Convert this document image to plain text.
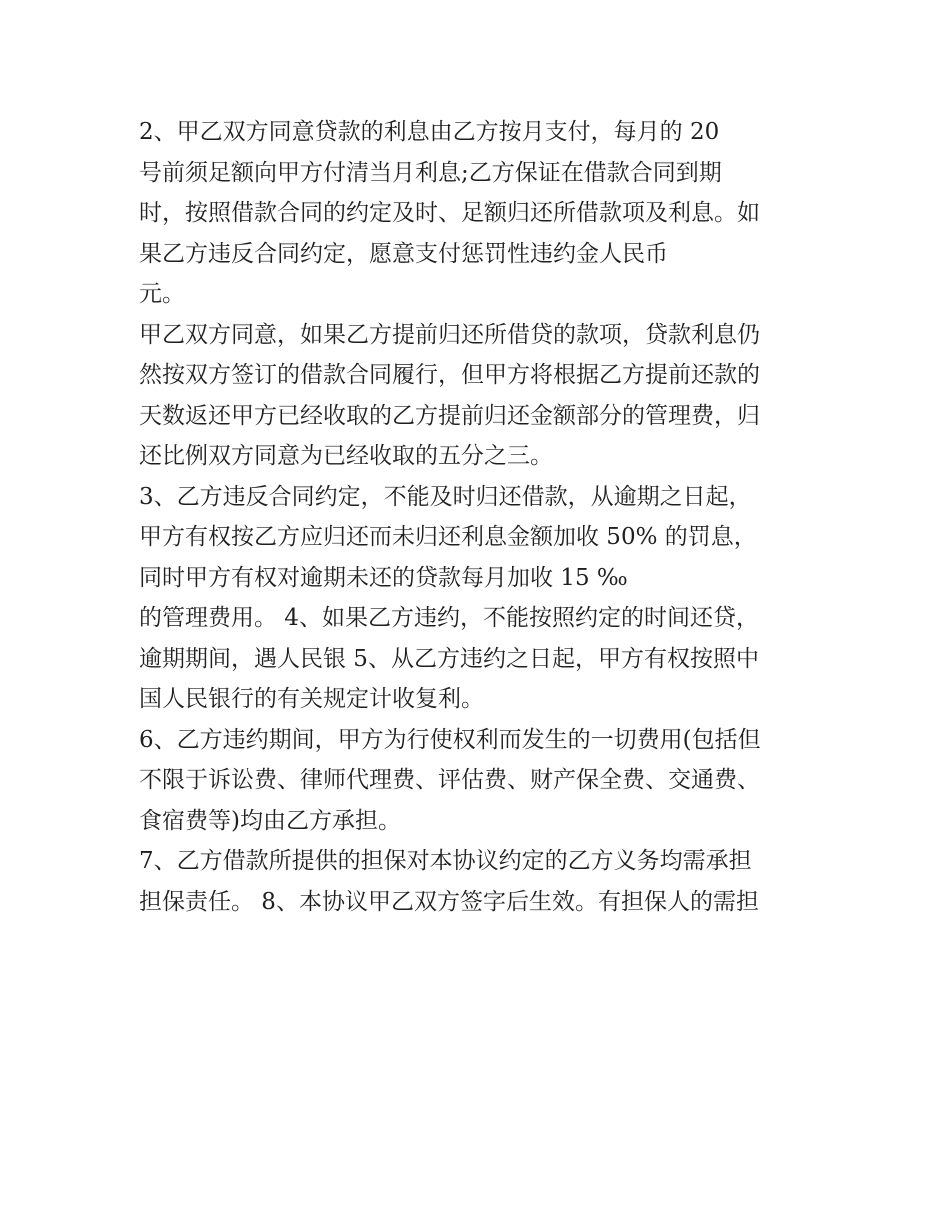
2、甲乙双方同意贷款的利息由乙方按月支付，每月的 20
号前须足额向甲方付清当月利息;乙方保证在借款合同到期
时，按照借款合同的约定及时、足额归还所借款项及利息。如
果乙方违反合同约定，愿意支付惩罚性违约金人民币
元。
甲乙双方同意，如果乙方提前归还所借贷的款项，贷款利息仍
然按双方签订的借款合同履行，但甲方将根据乙方提前还款的
天数返还甲方已经收取的乙方提前归还金额部分的管理费，归
还比例双方同意为已经收取的五分之三。
3、乙方违反合同约定，不能及时归还借款，从逾期之日起，
甲方有权按乙方应归还而未归还利息金额加收 50% 的罚息，
同时甲方有权对逾期未还的贷款每月加收 15 ‰
的管理费用。 4、如果乙方违约，不能按照约定的时间还贷，
逾期期间，遇人民银 5、从乙方违约之日起，甲方有权按照中
国人民银行的有关规定计收复利。
6、乙方违约期间，甲方为行使权利而发生的一切费用(包括但
不限于诉讼费、律师代理费、评估费、财产保全费、交通费、
食宿费等)均由乙方承担。
7、乙方借款所提供的担保对本协议约定的乙方义务均需承担
担保责任。 8、本协议甲乙双方签字后生效。有担保人的需担
